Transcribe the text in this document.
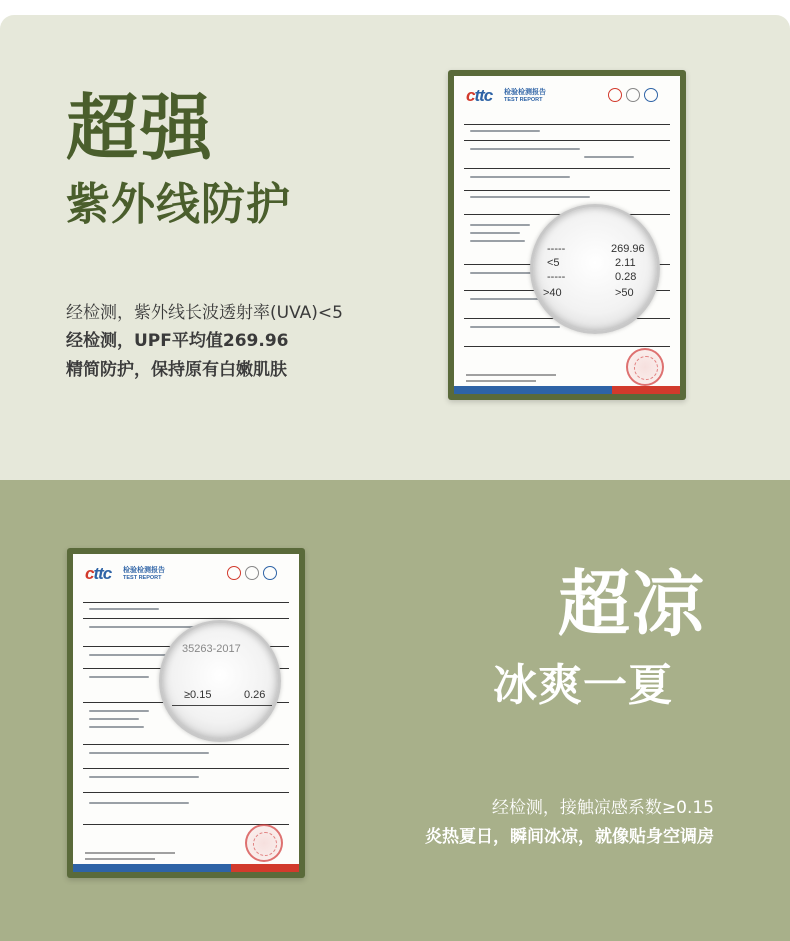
超强
紫外线防护
经检测，紫外线长波透射率(UVA)<5
经检测，UPF平均值269.96
精简防护，保持原有白嫩肌肤
cttc 检验检测报告
TEST REPORT
-----	269.96
<5	2.11
-----	0.28
>40	>50
cttc 检验检测报告
TEST REPORT
35263-2017
≥0.15	0.26
超凉
冰爽一夏
经检测，接触凉感系数≥0.15
炎热夏日，瞬间冰凉，就像贴身空调房
